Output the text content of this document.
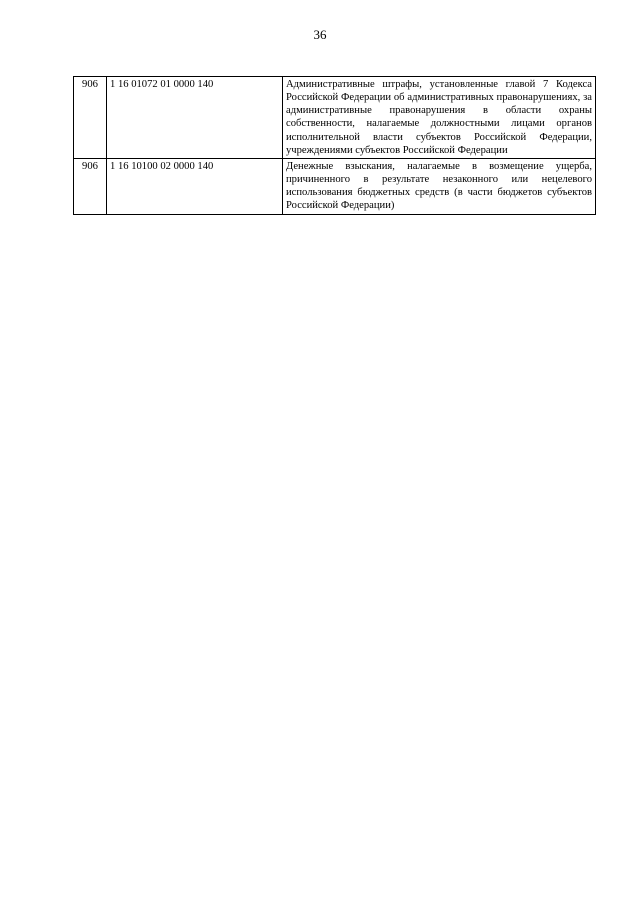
36
906	1 16 01072 01 0000 140	Административные штрафы, установленные главой 7 Кодекса Российской Федерации об административных правонарушениях, за административные правонарушения в области охраны собственности, налагаемые должностными лицами органов исполнительной власти субъектов Российской Федерации, учреждениями субъектов Российской Федерации
906	1 16 10100 02 0000 140	Денежные взыскания, налагаемые в возмещение ущерба, причиненного в результате незаконного или нецелевого использования бюджетных средств (в части бюджетов субъектов Российской Федерации)
